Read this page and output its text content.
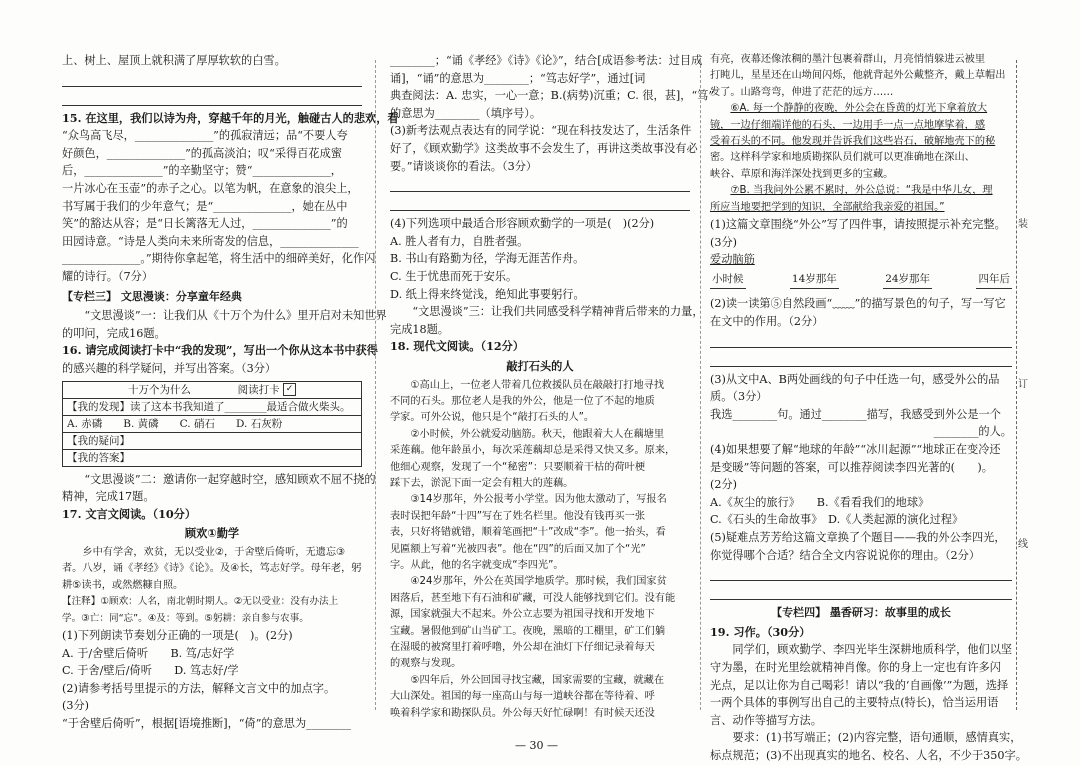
上、树上、屋顶上就积满了厚厚软软的白雪。

15. 在这里，我们以诗为舟，穿越千年的月光，触碰古人的悲欢，看

“众鸟高飞尽，______________”的孤寂清远；品“不要人夸

好颜色，______________”的孤高淡泊；叹“采得百花成蜜

后，______________”的辛勤坚守；赞“______________，

一片冰心在玉壶”的赤子之心。以笔为帆，在意象的浪尖上，

书写属于我们的少年意气；是“______________，她在丛中

笑”的豁达从容；是“日长篱落无人过，______________”的

田园诗意。“诗是人类向未来所寄发的信息，______________

______________。”期待你拿起笔，将生活中的细碎美好，化作闪

耀的诗行。（7分）

【专栏三】 文思漫谈：分享童年经典

“文思漫谈”一：让我们从《十万个为什么》里开启对未知世界

的叩问，完成16题。

16. 请完成阅读打卡中“我的发现”，写出一个你从这本书中获得

的感兴趣的科学疑问，并写出答案。（3分）

十万个为什么	阅读打卡 ✓
【我的发现】读了这本书我知道了________最适合做火柴头。
A. 赤磷　　B. 黄磷　　C. 硝石　　D. 石灰粉
【我的疑问】
【我的答案】

“文思漫谈”二：邀请你一起穿越时空，感知顾欢不屈不挠的

精神，完成17题。

17. 文言文阅读。（10分）

顾欢①勤学

乡中有学舍，欢贫，无以受业②，于舍壁后倚听，无遗忘③

者。八岁，诵《孝经》《诗》《论》。及④长，笃志好学。母年老，躬

耕⑤读书，或然燃糠自照。

【注释】①顾欢：人名，南北朝时期人。②无以受业：没有办法上

学。③亡：同“忘”。④及：等到。⑤躬耕：亲自参与农事。

(1)下列朗读节奏划分正确的一项是(　)。(2分)

A. 于/舍壁后倚听　　B. 笃/志好学

C. 于舍/壁后/倚听　　D. 笃志好/学

(2)请参考括号里提示的方法，解释文言文中的加点字。

(3分)

“于舍壁后倚听”，根据[语境推断]，“倚”的意思为________

________；“诵《孝经》《诗》《论》”，结合[成语参考法：过目成

诵]，“诵”的意思为________；“笃志好学”，通过[词

典查阅法：A. 忠实，一心一意；B.(病势)沉重；C. 很，甚]，“笃”

的意思为________（填序号）。

(3)新考法观点表达有的同学说：“现在科技发达了，生活条件

好了，《顾欢勤学》这类故事不会发生了，再讲这类故事没有必

要。”请谈谈你的看法。（3分）

(4)下列选项中最适合形容顾欢勤学的一项是(　)(2分)

A. 胜人者有力，自胜者强。

B. 书山有路勤为径，学海无涯苦作舟。

C. 生于忧患而死于安乐。

D. 纸上得来终觉浅，绝知此事要躬行。

“文思漫谈”三：让我们共同感受科学精神背后带来的力量，

完成18题。

18. 现代文阅读。（12分）

敲打石头的人

①高山上，一位老人带着几位救援队员在敲敲打打地寻找

不同的石头。那位老人是我的外公，他是一位了不起的地质

学家。可外公说，他只是个“敲打石头的人”。

②小时候，外公就爱动脑筋。秋天，他跟着大人在藕塘里

采莲藕。他年龄虽小，每次采莲藕却总是采得又快又多。原来，

他细心观察，发现了一个“秘密”：只要顺着干枯的荷叶梗

踩下去，淤泥下面一定会有粗大的莲藕。

③14岁那年，外公报考小学堂。因为他太激动了，写报名

表时误把年龄“十四”写在了姓名栏里。他没有钱再买一张

表，只好将错就错，顺着笔画把“十”改成“李”。他一抬头，看

见匾额上写着“光被四表”。他在“四”的后面又加了个“光”

字。从此，他的名字就变成“李四光”。

④24岁那年，外公在英国学地质学。那时候，我们国家贫

困落后，甚至地下有石油和矿藏，可没人能够找到它们。没有能

源，国家就强大不起来。外公立志要为祖国寻找和开发地下

宝藏。暑假他到矿山当矿工。夜晚，黑暗的工棚里，矿工们躺

在湿暖的被窝里打着呼噜，外公却在油灯下仔细记录着每天

的观察与发现。

⑤四年后，外公回国寻找宝藏，国家需要的宝藏，就藏在

大山深处。祖国的每一座高山与每一道峡谷都在等待着、呼

唤着科学家和勘探队员。外公每天好忙碌啊！有时候天还没

有亮，夜幕还像浓稠的墨汁包裹着群山，月亮悄悄躲进云被里

打盹儿，星星还在山坳间闪烁，他就背起外公戴整齐，戴上草帽出

发了。山路弯弯，伸进了茫茫的远方……

⑥A. 每一个静静的夜晚，外公会在昏黄的灯光下拿着放大

镜，一边仔细端详他的石头，一边用手一点一点地摩挲着，感

受着石头的不同。他发现并告诉我们这些岩石，破解地壳下的秘

密。这样科学家和地质勘探队员们就可以更准确地在深山、

峡谷、草原和海洋深处找到更多的宝藏。

⑦B. 当我问外公累不累时，外公总说：“我是中华儿女，理

所应当地要把学到的知识，全部献给我亲爱的祖国。”

(1)这篇文章围绕“外公”写了四件事，请按照提示补充完整。

(3分)

爱动脑筋

小时候	14岁那年	24岁那年	四年后

(2)读一读第⑤自然段画“﹏﹏”的描写景色的句子，写一写它

在文中的作用。（2分）

(3)从文中A、B两处画线的句子中任选一句，感受外公的品

质。（3分）

我选________句。通过________描写，我感受到外公是一个

________的人。

(4)如果想要了解“地球的年龄”“冰川起源”“地球正在变冷还

是变暖”等问题的答案，可以推荐阅读李四光著的(　　)。

(2分)

A.《灰尘的旅行》　　B.《看看我们的地球》

C.《石头的生命故事》　D.《人类起源的演化过程》

(5)疑难点芳芳给这篇文章换了个题目——我的外公李四光，

你觉得哪个合适？结合全文内容说说你的理由。（2分）

【专栏四】 墨香研习：故事里的成长

19. 习作。（30分）

同学们，顾欢勤学、李四光毕生深耕地质科学，他们以坚

守为墨，在时光里绘就精神肖像。你的身上一定也有许多闪

光点，足以让你为自己喝彩！请以“我的‘自画像’”为题，选择

一两个具体的事例写出自己的主要特点(特长)，恰当运用语

言、动作等描写方法。

要求：(1)书写端正；(2)内容完整，语句通顺，感情真实，

标点规范；(3)不出现真实的地名、校名、人名，不少于350字。

装
订
线
— 30 —
